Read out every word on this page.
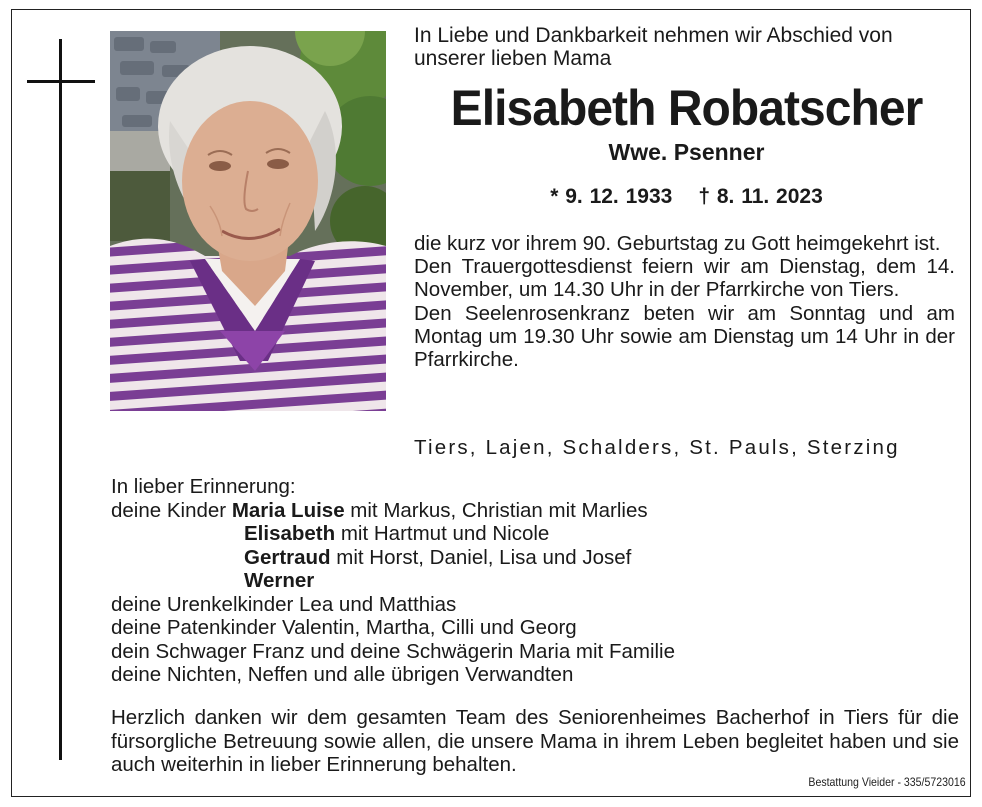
In Liebe und Dankbarkeit nehmen wir Abschied von unserer lieben Mama
Elisabeth Robatscher
Wwe. Psenner
* 9. 12. 1933 † 8. 11. 2023

die kurz vor ihrem 90. Geburtstag zu Gott heimgekehrt ist.

Den Trauergottesdienst feiern wir am Dienstag, dem 14. November, um 14.30 Uhr in der Pfarrkirche von Tiers.

Den Seelenrosenkranz beten wir am Sonntag und am Montag um 19.30 Uhr sowie am Dienstag um 14 Uhr in der Pfarrkirche.

Tiers, Lajen, Schalders, St. Pauls, Sterzing
In lieber Erinnerung:
deine Kinder Maria Luise mit Markus, Christian mit Marlies
Elisabeth mit Hartmut und Nicole
Gertraud mit Horst, Daniel, Lisa und Josef
Werner
deine Urenkelkinder Lea und Matthias
deine Patenkinder Valentin, Martha, Cilli und Georg
dein Schwager Franz und deine Schwägerin Maria mit Familie
deine Nichten, Neffen und alle übrigen Verwandten

Herzlich danken wir dem gesamten Team des Seniorenheimes Bacherhof in Tiers für die fürsorgliche Betreuung sowie allen, die unsere Mama in ihrem Leben begleitet haben und sie auch weiterhin in lieber Erinnerung behalten.

Bestattung Vieider - 335/5723016
